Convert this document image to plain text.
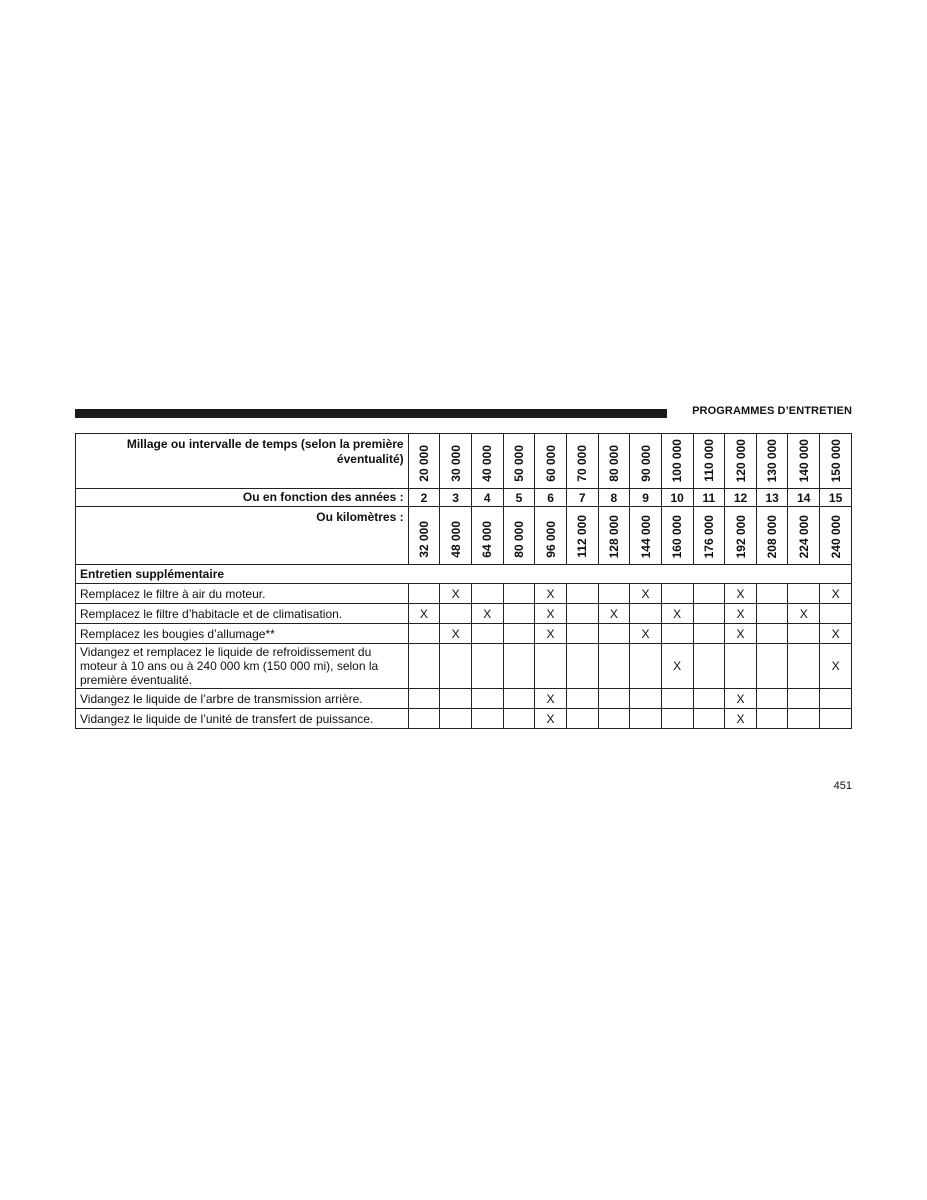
PROGRAMMES D’ENTRETIEN
Millage ou intervalle de temps (selon la première éventualité)	20 000	30 000	40 000	50 000	60 000	70 000	80 000	90 000	100 000	110 000	120 000	130 000	140 000	150 000
Ou en fonction des années :	2	3	4	5	6	7	8	9	10	11	12	13	14	15
Ou kilomètres :	32 000	48 000	64 000	80 000	96 000	112 000	128 000	144 000	160 000	176 000	192 000	208 000	224 000	240 000
Entretien supplémentaire														
Remplacez le filtre à air du moteur.		X			X			X			X			X
Remplacez le filtre d’habitacle et de climatisation.	X		X		X		X		X		X		X	
Remplacez les bougies d’allumage**		X			X			X			X			X
Vidangez et remplacez le liquide de refroidissement du moteur à 10 ans ou à 240 000 km (150 000 mi), selon la première éventualité.									X					X
Vidangez le liquide de l’arbre de transmission arrière.					X						X			
Vidangez le liquide de l’unité de transfert de puissance.					X						X			
451
